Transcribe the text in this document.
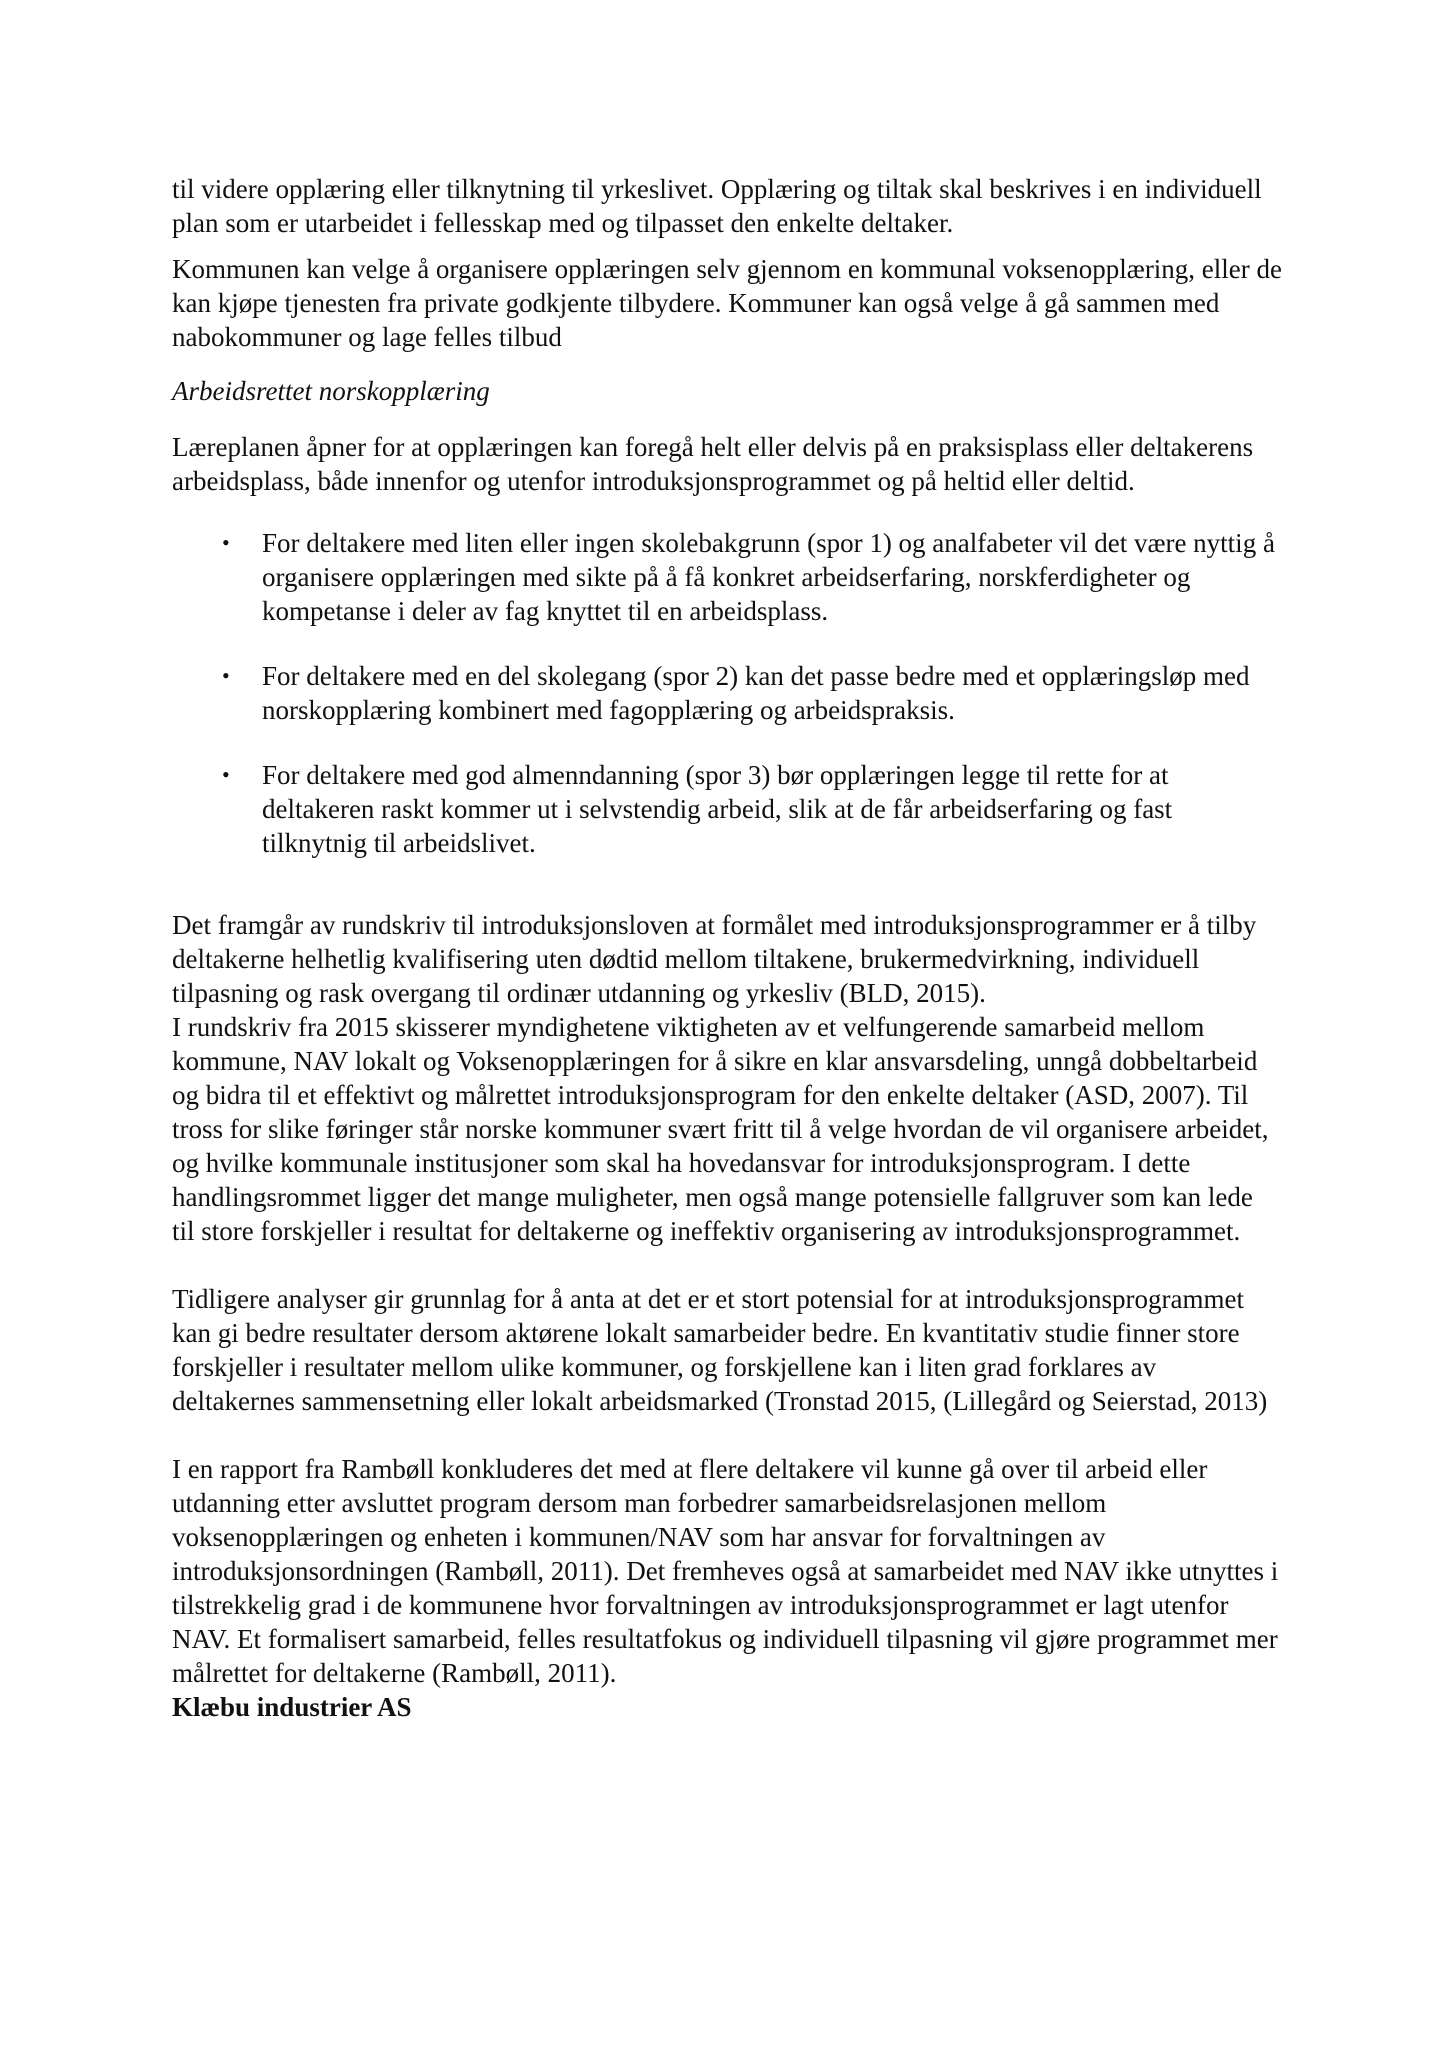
til videre opplæring eller tilknytning til yrkeslivet. Opplæring og tiltak skal beskrives i en individuell plan som er utarbeidet i fellesskap med og tilpasset den enkelte deltaker.

Kommunen kan velge å organisere opplæringen selv gjennom en kommunal voksenopplæring, eller de kan kjøpe tjenesten fra private godkjente tilbydere. Kommuner kan også velge å gå sammen med nabokommuner og lage felles tilbud

Arbeidsrettet norskopplæring

Læreplanen åpner for at opplæringen kan foregå helt eller delvis på en praksisplass eller deltakerens arbeidsplass, både innenfor og utenfor introduksjonsprogrammet og på heltid eller deltid.

• For deltakere med liten eller ingen skolebakgrunn (spor 1) og analfabeter vil det være nyttig å organisere opplæringen med sikte på å få konkret arbeidserfaring, norskferdigheter og kompetanse i deler av fag knyttet til en arbeidsplass.
• For deltakere med en del skolegang (spor 2) kan det passe bedre med et opplæringsløp med norskopplæring kombinert med fagopplæring og arbeidspraksis.
• For deltakere med god almenndanning (spor 3) bør opplæringen legge til rette for at deltakeren raskt kommer ut i selvstendig arbeid, slik at de får arbeidserfaring og fast tilknytnig til arbeidslivet.

Det framgår av rundskriv til introduksjonsloven at formålet med introduksjonsprogrammer er å tilby deltakerne helhetlig kvalifisering uten dødtid mellom tiltakene, brukermedvirkning, individuell tilpasning og rask overgang til ordinær utdanning og yrkesliv (BLD, 2015).

I rundskriv fra 2015 skisserer myndighetene viktigheten av et velfungerende samarbeid mellom kommune, NAV lokalt og Voksenopplæringen for å sikre en klar ansvarsdeling, unngå dobbeltarbeid og bidra til et effektivt og målrettet introduksjonsprogram for den enkelte deltaker (ASD, 2007). Til tross for slike føringer står norske kommuner svært fritt til å velge hvordan de vil organisere arbeidet, og hvilke kommunale institusjoner som skal ha hovedansvar for introduksjonsprogram. I dette handlingsrommet ligger det mange muligheter, men også mange potensielle fallgruver som kan lede til store forskjeller i resultat for deltakerne og ineffektiv organisering av introduksjonsprogrammet.

Tidligere analyser gir grunnlag for å anta at det er et stort potensial for at introduksjonsprogrammet kan gi bedre resultater dersom aktørene lokalt samarbeider bedre. En kvantitativ studie finner store forskjeller i resultater mellom ulike kommuner, og forskjellene kan i liten grad forklares av deltakernes sammensetning eller lokalt arbeidsmarked (Tronstad 2015, (Lillegård og Seierstad, 2013)

I en rapport fra Rambøll konkluderes det med at flere deltakere vil kunne gå over til arbeid eller utdanning etter avsluttet program dersom man forbedrer samarbeidsrelasjonen mellom voksenopplæringen og enheten i kommunen/NAV som har ansvar for forvaltningen av introduksjonsordningen (Rambøll, 2011). Det fremheves også at samarbeidet med NAV ikke utnyttes i tilstrekkelig grad i de kommunene hvor forvaltningen av introduksjonsprogrammet er lagt utenfor NAV. Et formalisert samarbeid, felles resultatfokus og individuell tilpasning vil gjøre programmet mer målrettet for deltakerne (Rambøll, 2011).

Klæbu industrier AS
